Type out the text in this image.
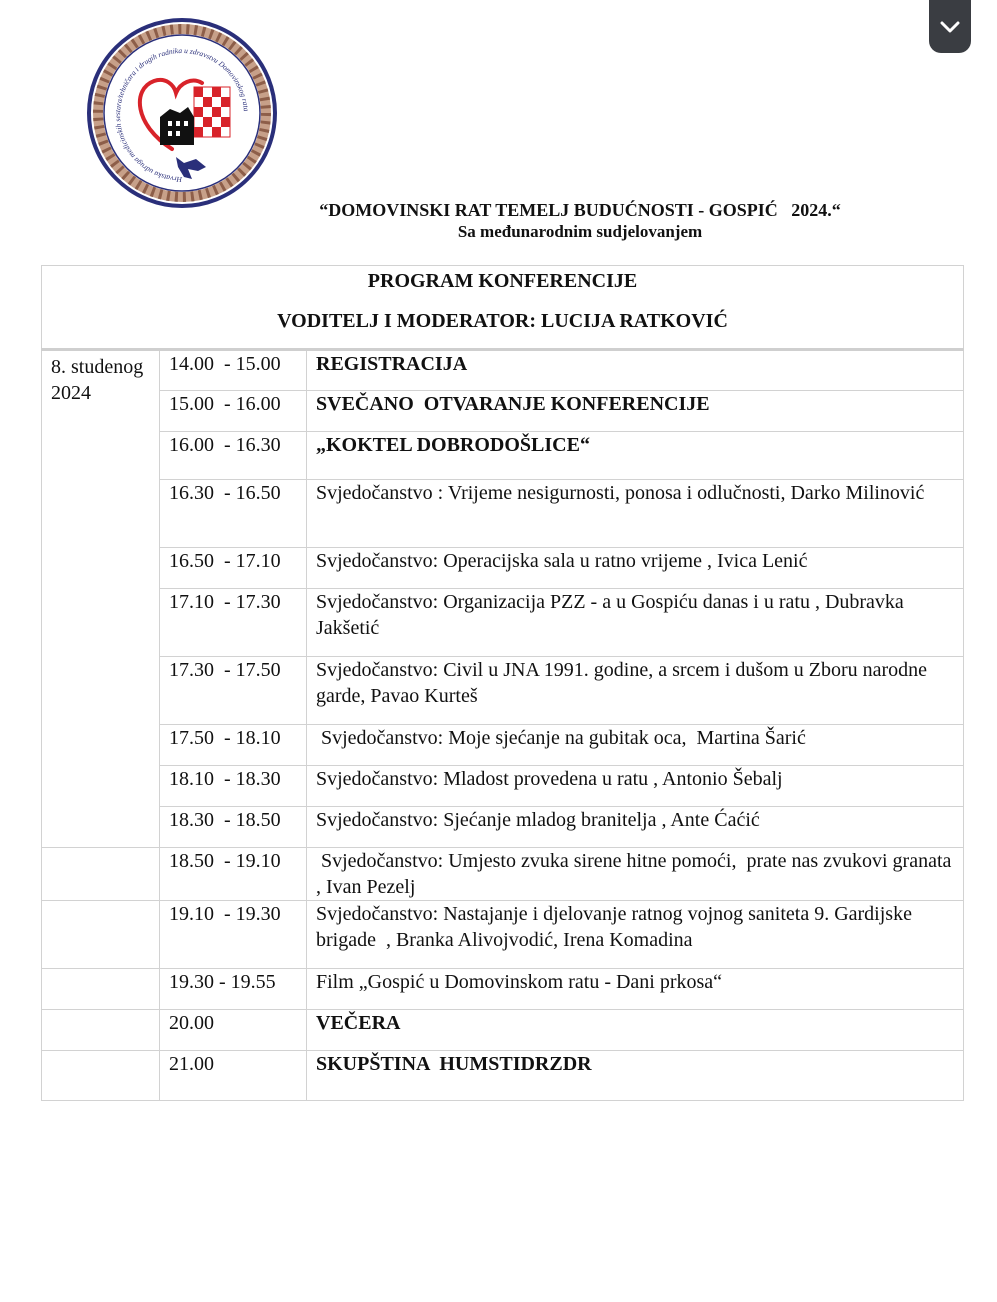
Hrvatska udruga medicinskih sestara/tehničara i drugih radnika u zdravstvu Domovinskog rata
“DOMOVINSKI RAT TEMELJ BUDUĆNOSTI - GOSPIĆ   2024.“
Sa međunarodnim sudjelovanjem
PROGRAM KONFERENCIJE
VODITELJ I MODERATOR: LUCIJA RATKOVIĆ		

8. studenog 2024	14.00  - 15.00	REGISTRACIJA
	15.00  - 16.00	SVEČANO  OTVARANJE KONFERENCIJE
	16.00  - 16.30	„KOKTEL DOBRODOŠLICE“
	16.30  - 16.50	Svjedočanstvo : Vrijeme nesigurnosti, ponosa i odlučnosti, Darko Milinović
	16.50  - 17.10	Svjedočanstvo: Operacijska sala u ratno vrijeme , Ivica Lenić
	17.10  - 17.30	Svjedočanstvo: Organizacija PZZ - a u Gospiću danas i u ratu , Dubravka Jakšetić
	17.30  - 17.50	Svjedočanstvo: Civil u JNA 1991. godine, a srcem i dušom u Zboru narodne garde, Pavao Kurteš
	17.50  - 18.10	Svjedočanstvo: Moje sjećanje na gubitak oca,  Martina Šarić
	18.10  - 18.30	Svjedočanstvo: Mladost provedena u ratu , Antonio Šebalj
	18.30  - 18.50	Svjedočanstvo: Sjećanje mladog branitelja , Ante Ćaćić
	18.50  - 19.10	Svjedočanstvo: Umjesto zvuka sirene hitne pomoći,  prate nas zvukovi granata , Ivan Pezelj
	19.10  - 19.30	Svjedočanstvo: Nastajanje i djelovanje ratnog vojnog saniteta 9. Gardijske brigade  , Branka Alivojvodić, Irena Komadina
	19.30 - 19.55	Film „Gospić u Domovinskom ratu - Dani prkosa“
	20.00	VEČERA
	21.00	SKUPŠTINA  HUMSTIDRZDR
